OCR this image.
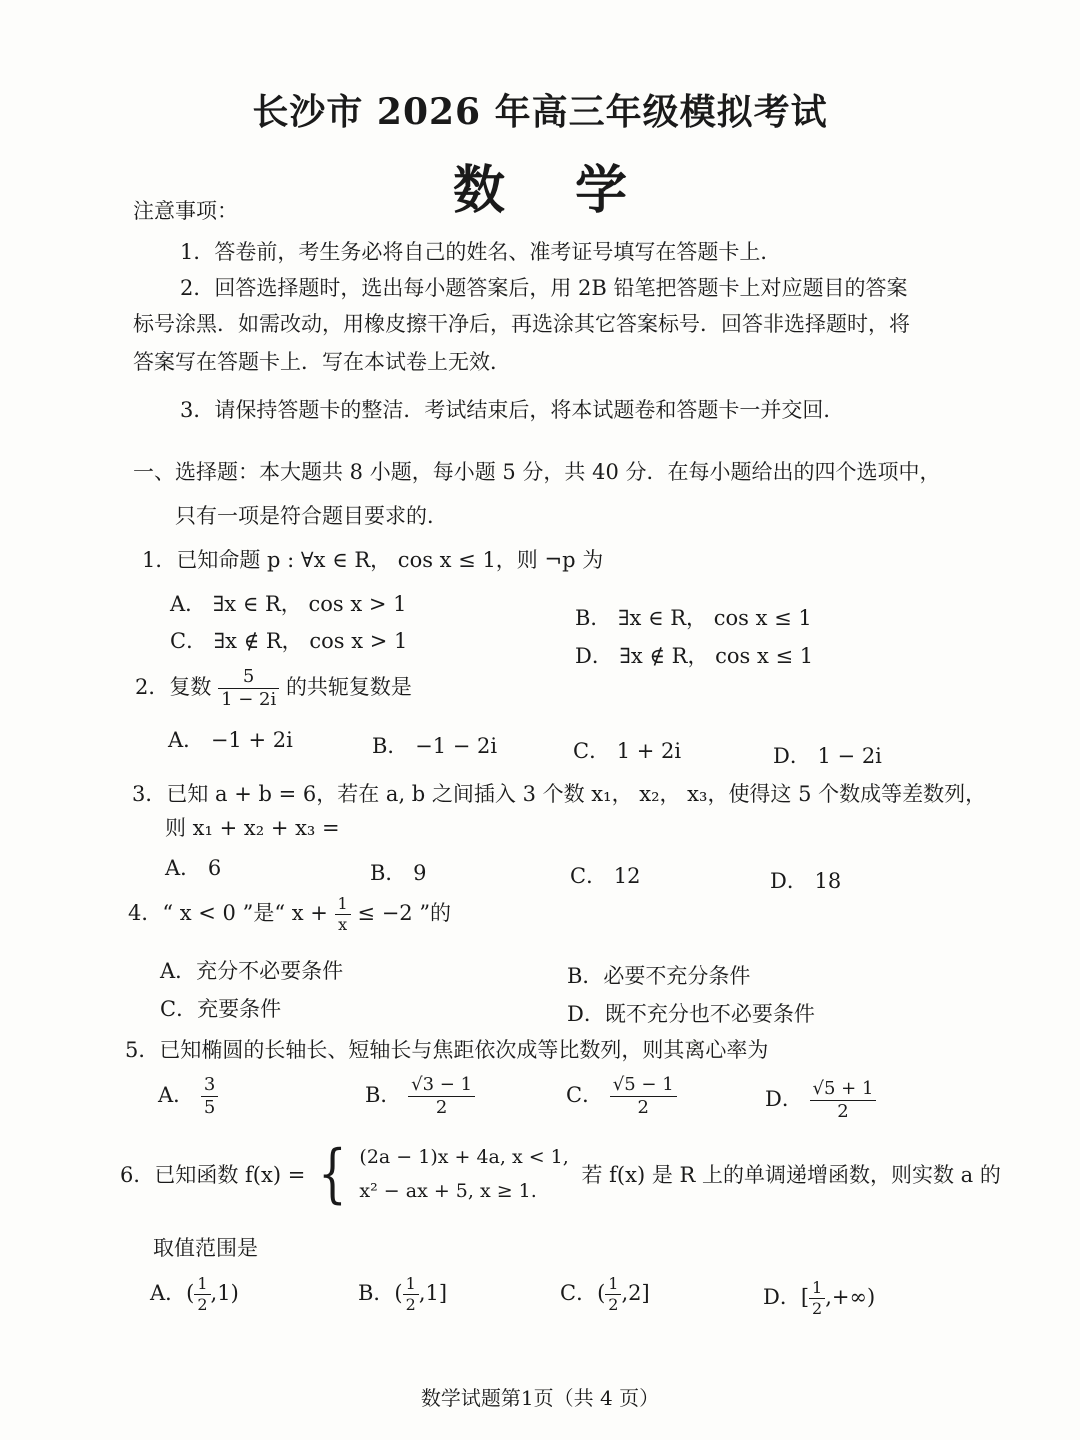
长沙市 2026 年高三年级模拟考试
数学
注意事项：
1．答卷前，考生务必将自己的姓名、准考证号填写在答题卡上．
2．回答选择题时，选出每小题答案后，用 2B 铅笔把答题卡上对应题目的答案
标号涂黑．如需改动，用橡皮擦干净后，再选涂其它答案标号．回答非选择题时，将
答案写在答题卡上．写在本试卷上无效．
3．请保持答题卡的整洁．考试结束后，将本试题卷和答题卡一并交回．
一、选择题：本大题共 8 小题，每小题 5 分，共 40 分．在每小题给出的四个选项中，
只有一项是符合题目要求的．
1．已知命题 p : ∀x ∈ R， cos x ≤ 1，则 ¬p 为
A． ∃x ∈ R， cos x > 1
B． ∃x ∈ R， cos x ≤ 1
C． ∃x ∉ R， cos x > 1
D． ∃x ∉ R， cos x ≤ 1
2．复数 $\frac{5}{1 - 2i}$ 的共轭复数是
A． −1 + 2i	B． −1 − 2i	C． 1 + 2i	D． 1 − 2i
3．已知 a + b = 6，若在 a, b 之间插入 3 个数 x₁， x₂， x₃，使得这 5 个数成等差数列，
则 x₁ + x₂ + x₃ =
A． 6	B． 9	C． 12	D． 18
4．“ x < 0 ”是“ $x + \frac{1}{x} \le -2$ ”的
A．充分不必要条件	B．必要不充分条件
C．充要条件	D．既不充分也不必要条件
5．已知椭圆的长轴长、短轴长与焦距依次成等比数列，则其离心率为
A． $\frac{3}{5}$	B． $\frac{√3 - 1}{2}$	C． $\frac{√5 - 1}{2}$	D． $\frac{√5 + 1}{2}$
6．已知函数 f(x) = { (2a − 1)x + 4a, x < 1,
x² − ax + 5, x ≥ 1.
若 f(x) 是 R 上的单调递增函数，则实数 a 的
取值范围是
A．( $\frac{1}{2} ,1$)	B．( $\frac{1}{2} ,1$]	C．( $\frac{1}{2} ,2$]	D．[ $\frac{1}{2}$ ,+∞)
数学试题第1页（共 4 页）
